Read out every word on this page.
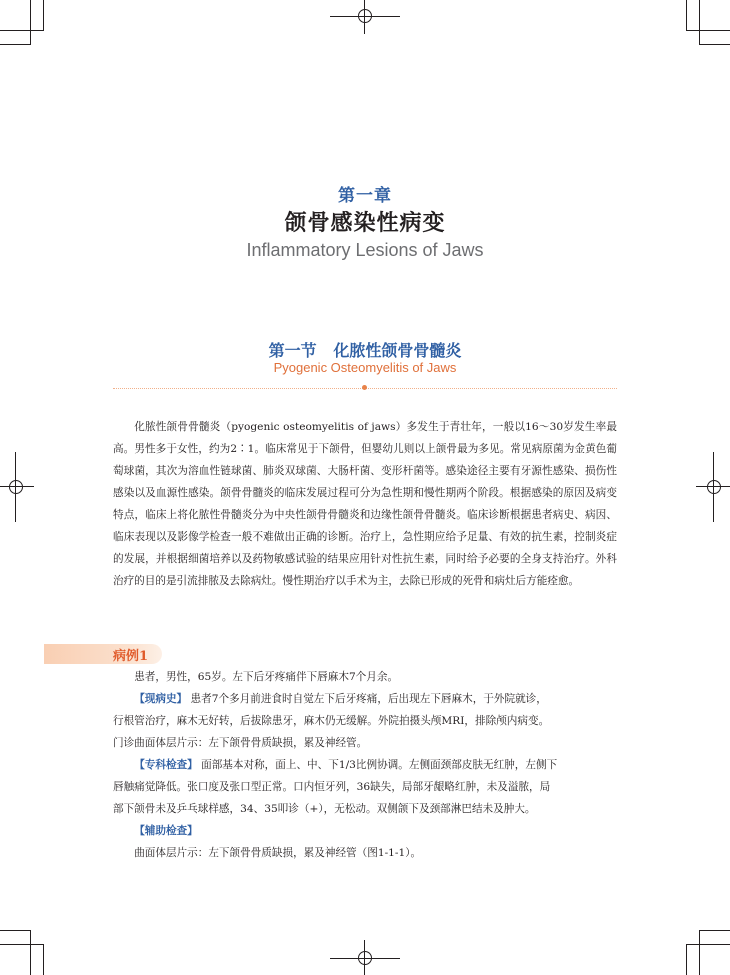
第一章
颌骨感染性病变
Inflammatory Lesions of Jaws
第一节 化脓性颌骨骨髓炎
Pyogenic Osteomyelitis of Jaws

化脓性颌骨骨髓炎（pyogenic osteomyelitis of jaws）多发生于青壮年，一般以16～30岁发生率最高。男性多于女性，约为2∶1。临床常见于下颌骨，但婴幼儿则以上颌骨最为多见。常见病原菌为金黄色葡萄球菌，其次为溶血性链球菌、肺炎双球菌、大肠杆菌、变形杆菌等。感染途径主要有牙源性感染、损伤性感染以及血源性感染。颌骨骨髓炎的临床发展过程可分为急性期和慢性期两个阶段。根据感染的原因及病变特点，临床上将化脓性骨髓炎分为中央性颌骨骨髓炎和边缘性颌骨骨髓炎。临床诊断根据患者病史、病因、临床表现以及影像学检查一般不难做出正确的诊断。治疗上，急性期应给予足量、有效的抗生素，控制炎症的发展，并根据细菌培养以及药物敏感试验的结果应用针对性抗生素，同时给予必要的全身支持治疗。外科治疗的目的是引流排脓及去除病灶。慢性期治疗以手术为主，去除已形成的死骨和病灶后方能痊愈。

病例1

患者，男性，65岁。左下后牙疼痛伴下唇麻木7个月余。

【现病史】 患者7个多月前进食时自觉左下后牙疼痛，后出现左下唇麻木，于外院就诊，

行根管治疗，麻木无好转，后拔除患牙，麻木仍无缓解。外院拍摄头颅MRI，排除颅内病变。

门诊曲面体层片示：左下颌骨骨质缺损，累及神经管。

【专科检查】 面部基本对称，面上、中、下1/3比例协调。左侧面颈部皮肤无红肿，左侧下

唇触痛觉降低。张口度及张口型正常。口内恒牙列，36缺失，局部牙龈略红肿，未及溢脓，局

部下颌骨未及乒乓球样感，34、35叩诊（+），无松动。双侧颌下及颈部淋巴结未及肿大。

【辅助检查】

曲面体层片示：左下颌骨骨质缺损，累及神经管（图1-1-1）。
